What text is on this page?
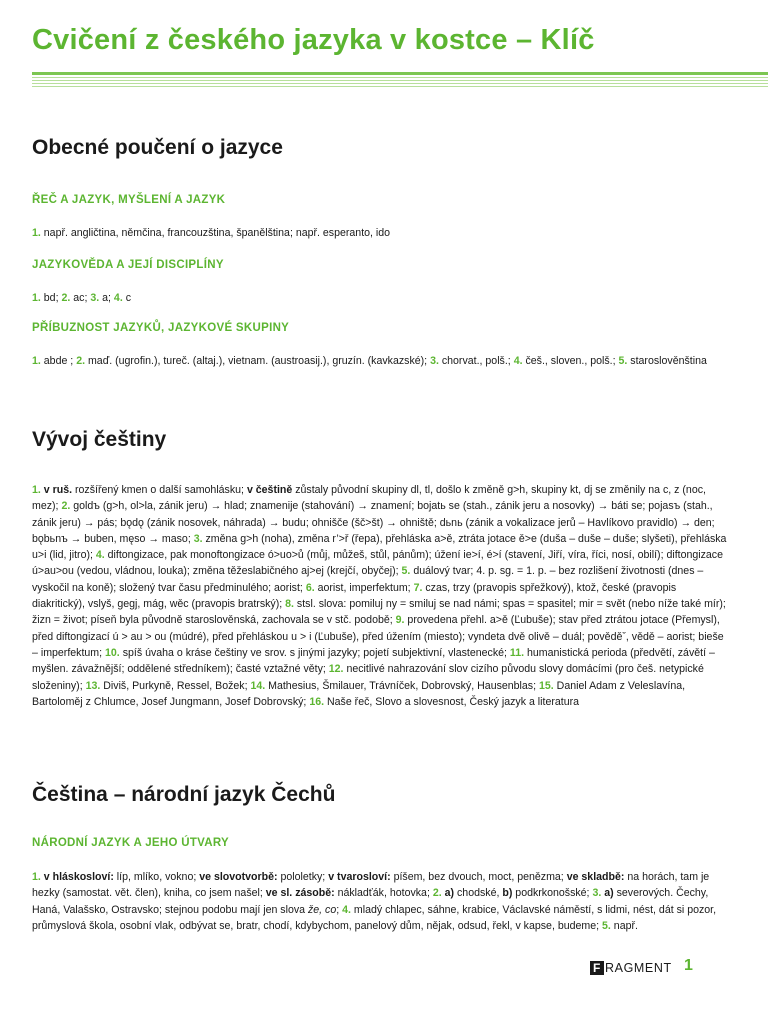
Cvičení z českého jazyka v kostce – Klíč
Obecné poučení o jazyce
ŘEČ A JAZYK, MYŠLENÍ A JAZYK

1. např. angličtina, němčina, francouzština, španělština; např. esperanto, ido

JAZYKOVĚDA A JEJÍ DISCIPLÍNY

1. bd; 2. ac; 3. a; 4. c

PŘÍBUZNOST JAZYKŮ, JAZYKOVÉ SKUPINY

1. abde ; 2. maď. (ugrofin.), tureč. (altaj.), vietnam. (austroasij.), gruzín. (kavkazské); 3. chorvat., polš.; 4. češ., sloven., polš.; 5. staroslověnština

Vývoj češtiny

1. v ruš. rozšířený kmen o další samohlásku; v češtině zůstaly původní skupiny dl, tl, došlo k změně g>h, skupiny kt, dj se změnily na c, z (noc, mez); 2. goldъ (g>h, ol>la, zánik jeru) → hlad; znamenije (stahování) → znamení; bojatь se (stah., zánik jeru a nosovky) → báti se; pojasъ (stah., zánik jeru) → pás; bǫdǫ (zánik nosovek, náhrada) → budu; ohnišče (šč>št) → ohniště; dьnь (zánik a vokalizace jerů – Havlíkovo pravidlo) → den; bǫbьnъ → buben, męso → maso; 3. změna g>h (noha), změna r’>ř (řepa), přehláska a>ě, ztráta jotace ě>e (duša – duše – duše; slyšeti), přehláska u>i (lid, jitro); 4. diftongizace, pak monoftongizace ó>uo>ů (můj, můžeš, stůl, pánům); úžení ie>í, é>í (stavení, Jiří, víra, říci, nosí, obilí); diftongizace ú>au>ou (vedou, vládnou, louka); změna těžeslabičného aj>ej (krejčí, obyčej); 5. duálový tvar; 4. p. sg. = 1. p. – bez rozlišení životnosti (dnes – vyskočil na koně); složený tvar času předminulého; aorist; 6. aorist, imperfektum; 7. czas, trzy (pravopis spřežkový), ktož, české (pravopis diakritický), vslyš, gegj, mág, wěc (pravopis bratrský); 8. stsl. slova: pomiluj ny = smiluj se nad námi; spas = spasitel; mir = svět (nebo níže také mír); žizn = život; píseň byla původně staroslověnská, zachovala se v stč. podobě; 9. provedena přehl. a>ě (Ľubuše); stav před ztrátou jotace (Přemysl), před diftongizací ú > au > ou (múdré), před přehláskou u > i (Ľubuše), před úžením (miesto); vyndeta dvě olivě – duál; pověděˇ, vědě – aorist; bieše – imperfektum; 10. spíš úvaha o kráse češtiny ve srov. s jinými jazyky; pojetí subjektivní, vlastenecké; 11. humanistická perioda (předvětí, závětí – myšlen. závažnější; oddělené středníkem); časté vztažné věty; 12. necitlivé nahrazování slov cizího původu slovy domácími (pro češ. netypické složeniny); 13. Diviš, Purkyně, Ressel, Božek; 14. Mathesius, Šmilauer, Trávníček, Dobrovský, Hausenblas; 15. Daniel Adam z Veleslavína, Bartoloměj z Chlumce, Josef Jungmann, Josef Dobrovský; 16. Naše řeč, Slovo a slovesnost, Český jazyk a literatura

Čeština – národní jazyk Čechů
NÁRODNÍ JAZYK A JEHO ÚTVARY

1. v hláskosloví: líp, mlíko, vokno; ve slovotvorbě: pololetky; v tvarosloví: píšem, bez dvouch, moct, penězma; ve skladbě: na horách, tam je hezky (samostat. vět. člen), kniha, co jsem našel; ve sl. zásobě: nákladťák, hotovka; 2. a) chodské, b) podkrkonošské; 3. a) severových. Čechy, Haná, Valašsko, Ostravsko; stejnou podobu mají jen slova že, co; 4. mladý chlapec, sáhne, krabice, Václavské náměstí, s lidmi, nést, dát si pozor, průmyslová škola, osobní vlak, odbývat se, bratr, chodí, kdybychom, panelový dům, nějak, odsud, řekl, v kapse, budeme; 5. např.

F RAGMENT 1
